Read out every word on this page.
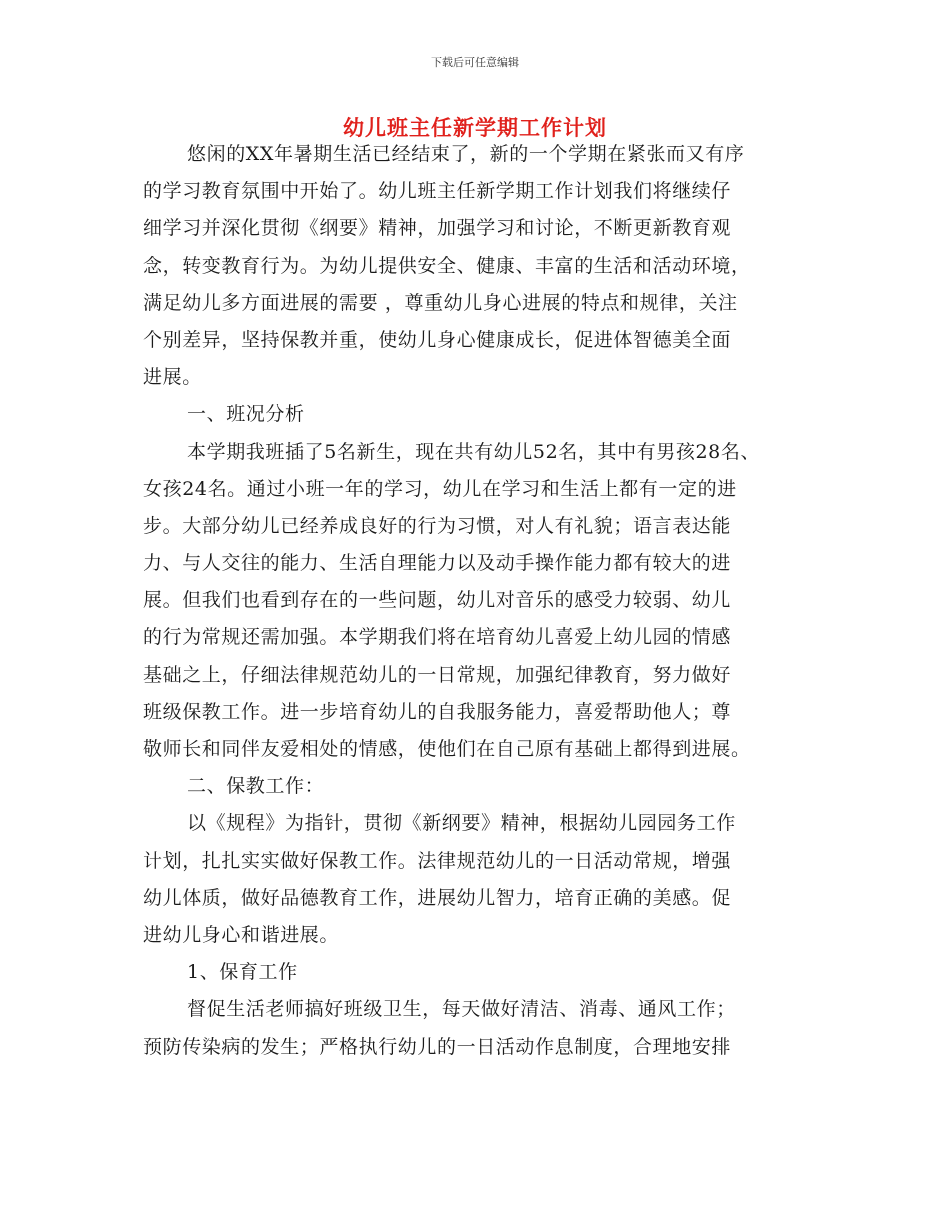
下载后可任意编辑
幼儿班主任新学期工作计划
悠闲的XX年暑期生活已经结束了，新的一个学期在紧张而又有序
的学习教育氛围中开始了。幼儿班主任新学期工作计划我们将继续仔
细学习并深化贯彻《纲要》精神，加强学习和讨论，不断更新教育观
念，转变教育行为。为幼儿提供安全、健康、丰富的生活和活动环境，
满足幼儿多方面进展的需要 ，尊重幼儿身心进展的特点和规律，关注
个别差异，坚持保教并重，使幼儿身心健康成长，促进体智德美全面
进展。
一、班况分析
本学期我班插了5名新生，现在共有幼儿52名，其中有男孩28名、
女孩24名。通过小班一年的学习，幼儿在学习和生活上都有一定的进
步。大部分幼儿已经养成良好的行为习惯，对人有礼貌；语言表达能
力、与人交往的能力、生活自理能力以及动手操作能力都有较大的进
展。但我们也看到存在的一些问题，幼儿对音乐的感受力较弱、幼儿
的行为常规还需加强。本学期我们将在培育幼儿喜爱上幼儿园的情感
基础之上，仔细法律规范幼儿的一日常规，加强纪律教育，努力做好
班级保教工作。进一步培育幼儿的自我服务能力，喜爱帮助他人；尊
敬师长和同伴友爱相处的情感，使他们在自己原有基础上都得到进展。
二、保教工作：
以《规程》为指针，贯彻《新纲要》精神，根据幼儿园园务工作
计划，扎扎实实做好保教工作。法律规范幼儿的一日活动常规，增强
幼儿体质，做好品德教育工作，进展幼儿智力，培育正确的美感。促
进幼儿身心和谐进展。
1、保育工作
督促生活老师搞好班级卫生，每天做好清洁、消毒、通风工作；
预防传染病的发生；严格执行幼儿的一日活动作息制度，合理地安排
